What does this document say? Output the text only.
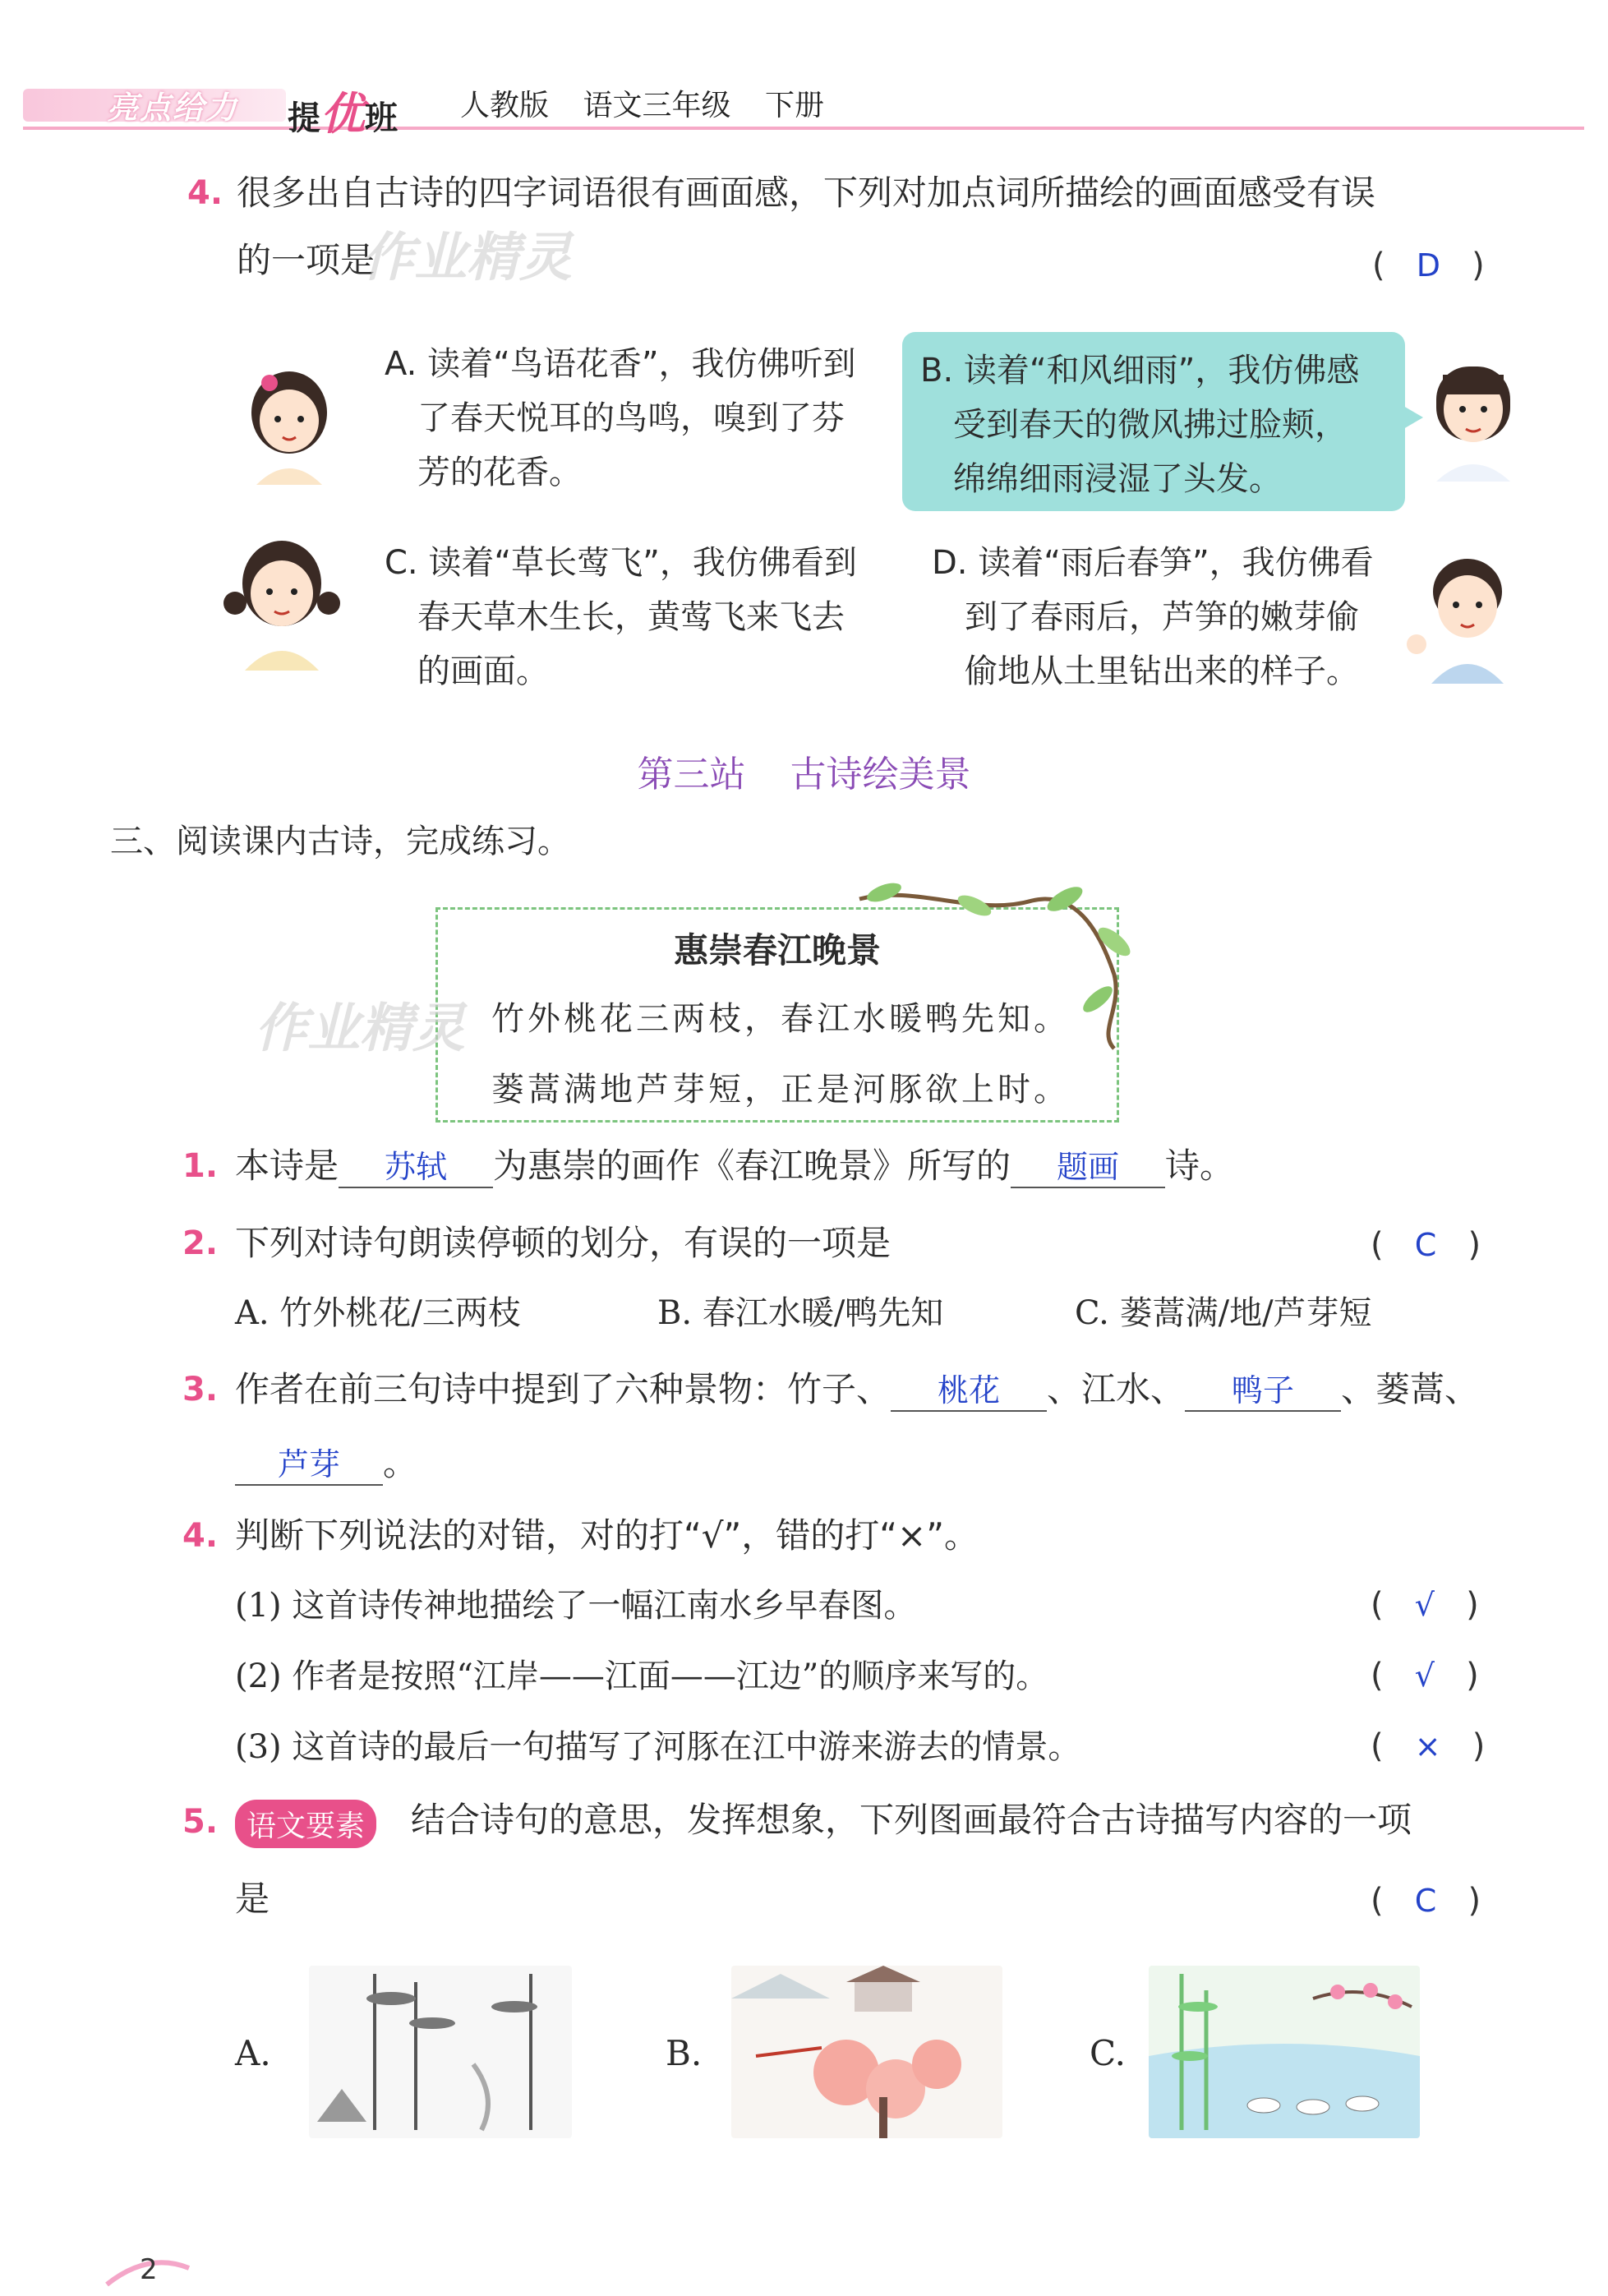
亮点给力 提优班 人教版 语文三年级 下册
4. 很多出自古诗的四字词语很有画面感，下列对加点词所描绘的画面感受有误
的一项是
作业精灵	(   D   )
A. 读着“鸟语花香”，我仿佛听到
了春天悦耳的鸟鸣，嗅到了芬
芳的花香。
B. 读着“和风细雨”，我仿佛感
受到春天的微风拂过脸颊，
绵绵细雨浸湿了头发。
C. 读着“草长莺飞”，我仿佛看到
春天草木生长，黄莺飞来飞去
的画面。
D. 读着“雨后春笋”，我仿佛看
到了春雨后，芦笋的嫩芽偷
偷地从土里钻出来的样子。
第三站 古诗绘美景
三、阅读课内古诗，完成练习。
作业精灵
惠崇春江晚景
竹外桃花三两枝，春江水暖鸭先知。
蒌蒿满地芦芽短，正是河豚欲上时。
1. 本诗是 苏轼 为惠崇的画作《春江晚景》所写的 题画 诗。
2. 下列对诗句朗读停顿的划分，有误的一项是	(   C   )
A. 竹外桃花/三两枝	B. 春江水暖/鸭先知	C. 蒌蒿满/地/芦芽短
3. 作者在前三句诗中提到了六种景物：竹子、 桃花 、江水、 鸭子 、蒌蒿、
芦芽 。
4. 判断下列说法的对错，对的打“√”，错的打“×”。
(1) 这首诗传神地描绘了一幅江南水乡早春图。	(   √   )
(2) 作者是按照“江岸——江面——江边”的顺序来写的。	(   √   )
(3) 这首诗的最后一句描写了河豚在江中游来游去的情景。	(   ×   )
5. 语文要素	结合诗句的意思，发挥想象，下列图画最符合古诗描写内容的一项
是	(   C   )
A.	B.	C.
2
